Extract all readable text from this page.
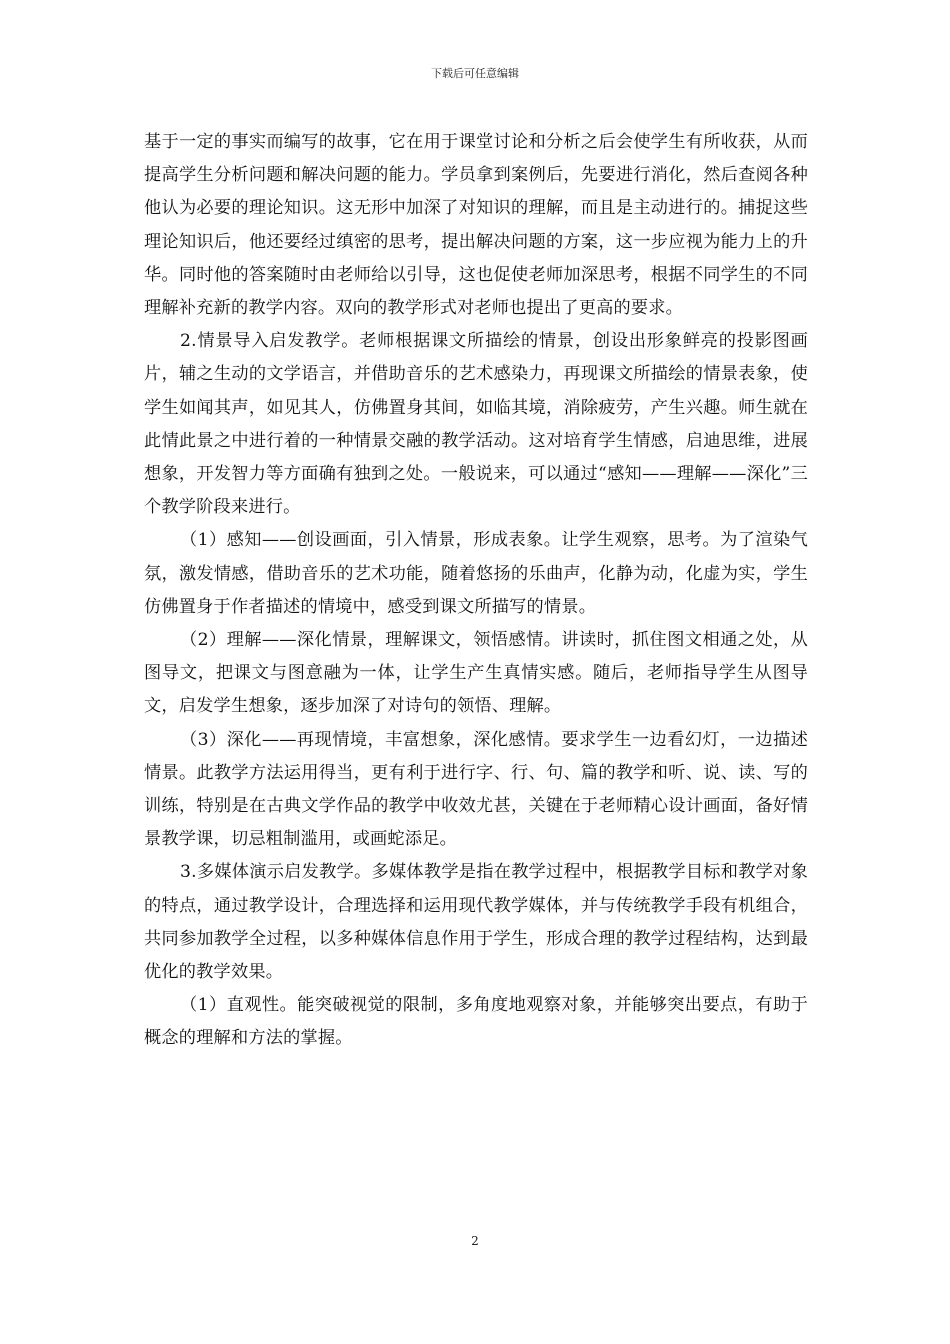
下载后可任意编辑

基于一定的事实而编写的故事，它在用于课堂讨论和分析之后会使学生有所收获，从而提高学生分析问题和解决问题的能力。学员拿到案例后，先要进行消化，然后查阅各种他认为必要的理论知识。这无形中加深了对知识的理解，而且是主动进行的。捕捉这些理论知识后，他还要经过缜密的思考，提出解决问题的方案，这一步应视为能力上的升华。同时他的答案随时由老师给以引导，这也促使老师加深思考，根据不同学生的不同理解补充新的教学内容。双向的教学形式对老师也提出了更高的要求。

2.情景导入启发教学。老师根据课文所描绘的情景，创设出形象鲜亮的投影图画片，辅之生动的文学语言，并借助音乐的艺术感染力，再现课文所描绘的情景表象，使学生如闻其声，如见其人，仿佛置身其间，如临其境，消除疲劳，产生兴趣。师生就在此情此景之中进行着的一种情景交融的教学活动。这对培育学生情感，启迪思维，进展想象，开发智力等方面确有独到之处。一般说来，可以通过“感知——理解——深化”三个教学阶段来进行。

（1）感知——创设画面，引入情景，形成表象。让学生观察，思考。为了渲染气氛，激发情感，借助音乐的艺术功能，随着悠扬的乐曲声，化静为动，化虚为实，学生仿佛置身于作者描述的情境中，感受到课文所描写的情景。

（2）理解——深化情景，理解课文，领悟感情。讲读时，抓住图文相通之处，从图导文，把课文与图意融为一体，让学生产生真情实感。随后，老师指导学生从图导文，启发学生想象，逐步加深了对诗句的领悟、理解。

（3）深化——再现情境，丰富想象，深化感情。要求学生一边看幻灯，一边描述情景。此教学方法运用得当，更有利于进行字、行、句、篇的教学和听、说、读、写的训练，特别是在古典文学作品的教学中收效尤甚，关键在于老师精心设计画面，备好情景教学课，切忌粗制滥用，或画蛇添足。

3.多媒体演示启发教学。多媒体教学是指在教学过程中，根据教学目标和教学对象的特点，通过教学设计，合理选择和运用现代教学媒体，并与传统教学手段有机组合，共同参加教学全过程，以多种媒体信息作用于学生，形成合理的教学过程结构，达到最优化的教学效果。

（1）直观性。能突破视觉的限制，多角度地观察对象，并能够突出要点，有助于概念的理解和方法的掌握。

2
